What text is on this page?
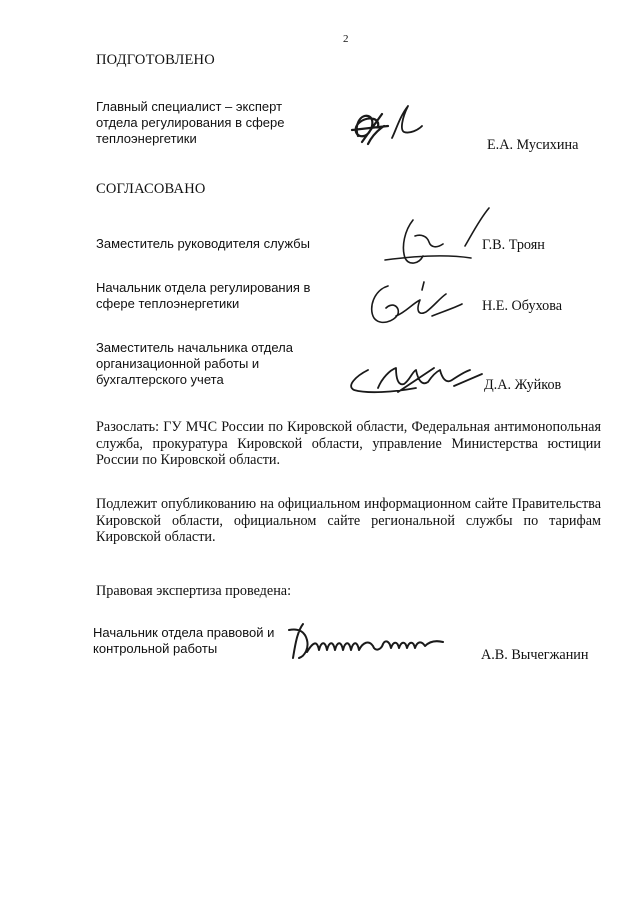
2
ПОДГОТОВЛЕНО
Главный специалист – эксперт отдела регулирования в сфере теплоэнергетики	Е.А. Мусихина
СОГЛАСОВАНО
Заместитель руководителя службы	Г.В. Троян
Начальник отдела регулирования в сфере теплоэнергетики	Н.Е. Обухова
Заместитель начальника отдела организационной работы и бухгалтерского учета	Д.А. Жуйков
Разослать: ГУ МЧС России по Кировской области, Федеральная антимонопольная служба, прокуратура Кировской области, управление Министерства юстиции России по Кировской области.
Подлежит опубликованию на официальном информационном сайте Правительства Кировской области, официальном сайте региональной службы по тарифам Кировской области.
Правовая экспертиза проведена:
Начальник отдела правовой и контрольной работы	А.В. Вычегжанин
